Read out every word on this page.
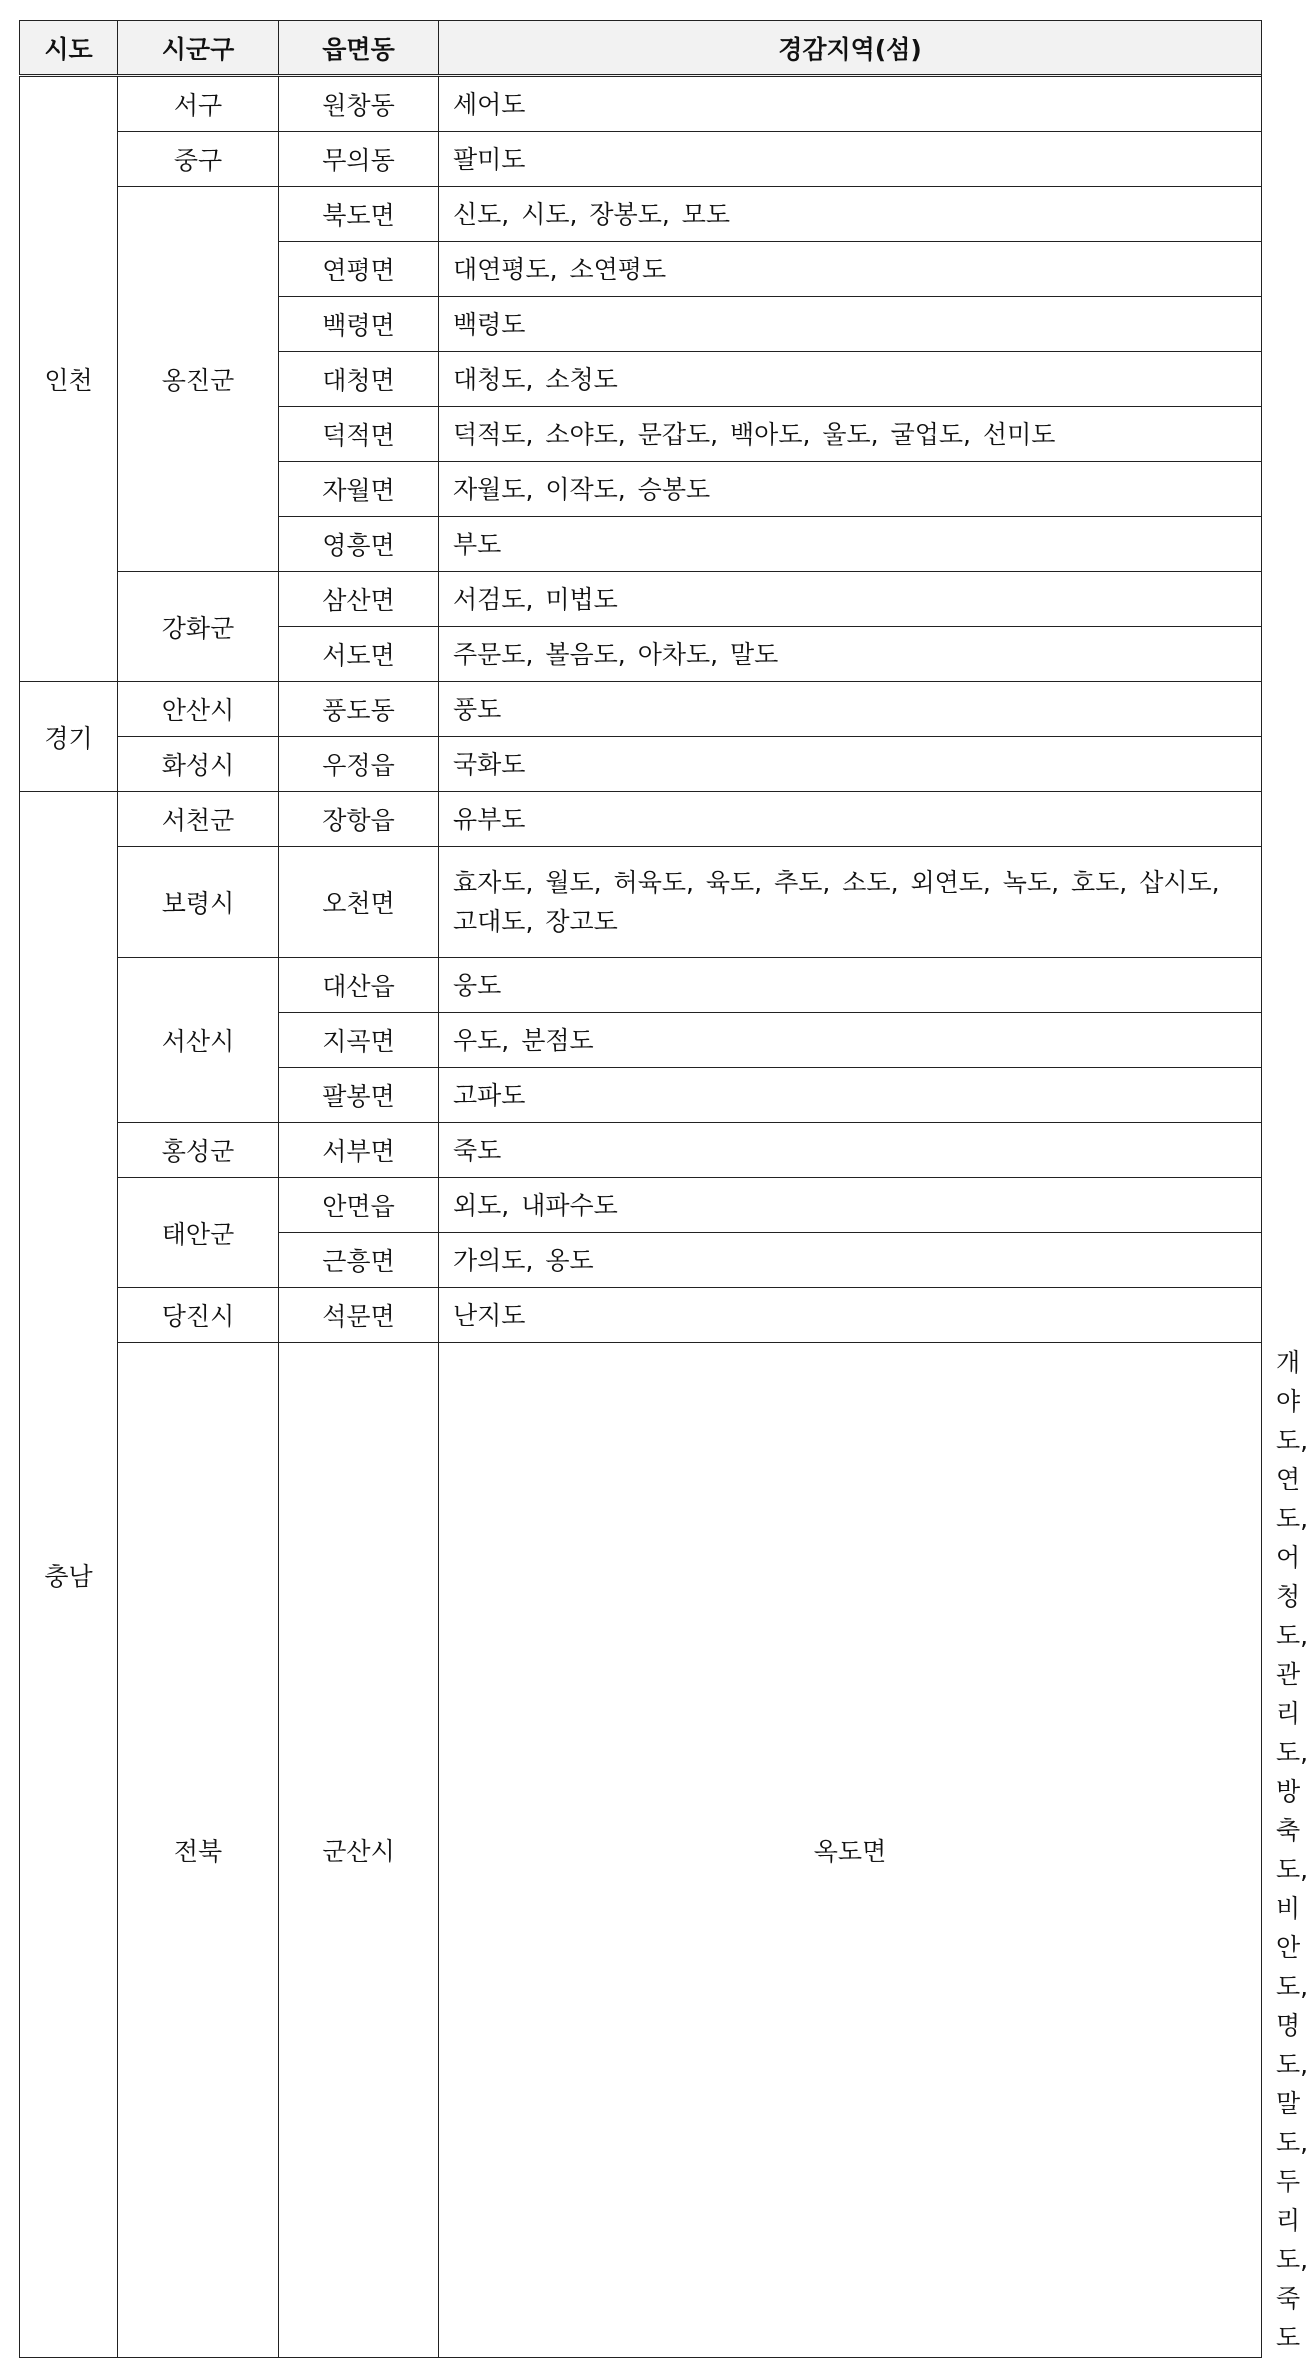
시도	시군구	읍면동	경감지역(섬)	
인천	서구	원창동	세어도	
	중구	무의동	팔미도	
	옹진군	북도면	신도, 시도, 장봉도, 모도	
		연평면	대연평도, 소연평도	
		백령면	백령도	
		대청면	대청도, 소청도	
		덕적면	덕적도, 소야도, 문갑도, 백아도, 울도, 굴업도, 선미도	
		자월면	자월도, 이작도, 승봉도	
		영흥면	부도	
	강화군	삼산면	서검도, 미법도	
		서도면	주문도, 볼음도, 아차도, 말도	
경기	안산시	풍도동	풍도	
	화성시	우정읍	국화도	
충남	서천군	장항읍	유부도	
	보령시	오천면	효자도, 월도, 허육도, 육도, 추도, 소도, 외연도, 녹도, 호도, 삽시도, 고대도, 장고도	
	서산시	대산읍	웅도	
		지곡면	우도, 분점도	
		팔봉면	고파도	
	홍성군	서부면	죽도	
	태안군	안면읍	외도, 내파수도	
		근흥면	가의도, 옹도	
	당진시	석문면	난지도	
	전북	군산시	옥도면	개야도, 연도, 어청도, 관리도, 방축도, 비안도, 명도, 말도, 두리도, 죽도
